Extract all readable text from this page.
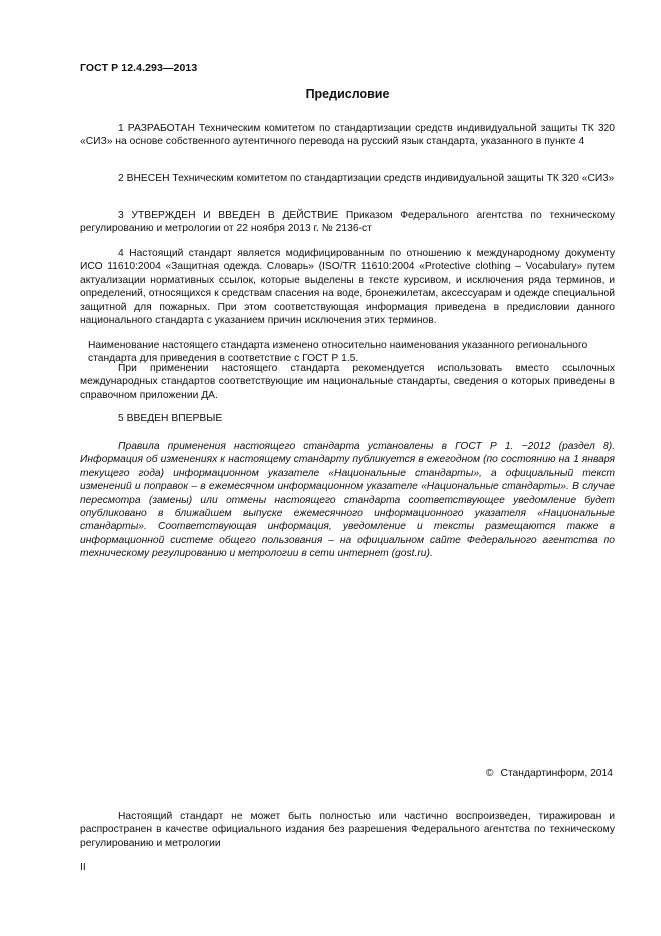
ГОСТ Р 12.4.293—2013
Предисловие

1 РАЗРАБОТАН Техническим комитетом по стандартизации средств индивидуальной защиты ТК 320 «СИЗ» на основе собственного аутентичного перевода на русский язык стандарта, указанного в пункте 4

2 ВНЕСЕН Техническим комитетом по стандартизации средств индивидуальной защиты ТК 320 «СИЗ»

3 УТВЕРЖДЕН И ВВЕДЕН В ДЕЙСТВИЕ Приказом Федерального агентства по техническому регулированию и метрологии от 22 ноября 2013 г. № 2136-ст

4 Настоящий стандарт является модифицированным по отношению к международному документу ИСО 11610:2004 «Защитная одежда. Словарь» (ISO/TR 11610:2004 «Protective clothing – Vocabulary» путем актуализации нормативных ссылок, которые выделены в тексте курсивом, и исключения ряда терминов, и определений, относящихся к средствам спасения на воде, бронежилетам, аксессуарам и одежде специальной защитной для пожарных. При этом соответствующая информация приведена в предисловии данного национального стандарта с указанием причин исключения этих терминов.

Наименование настоящего стандарта изменено относительно наименования указанного регионального стандарта для приведения в соответствие с ГОСТ Р 1.5.

При применении настоящего стандарта рекомендуется использовать вместо ссылочных международных стандартов соответствующие им национальные стандарты, сведения о которых приведены в справочном приложении ДА.

5 ВВЕДЕН ВПЕРВЫЕ

Правила применения настоящего стандарта установлены в ГОСТ Р 1. −2012 (раздел 8). Информация об изменениях к настоящему стандарту публикуется в ежегодном (по состоянию на 1 января текущего года) информационном указателе «Национальные стандарты», а официальный текст изменений и поправок – в ежемесячном информационном указателе «Национальные стандарты». В случае пересмотра (замены) или отмены настоящего стандарта соответствующее уведомление будет опубликовано в ближайшем выпуске ежемесячного информационного указателя «Национальные стандарты». Соответствующая информация, уведомление и тексты размещаются также в информационной системе общего пользования – на официальном сайте Федерального агентства по техническому регулированию и метрологии в сети интернет (gost.ru).

© Стандартинформ, 2014

Настоящий стандарт не может быть полностью или частично воспроизведен, тиражирован и распространен в качестве официального издания без разрешения Федерального агентства по техническому регулированию и метрологии

II
